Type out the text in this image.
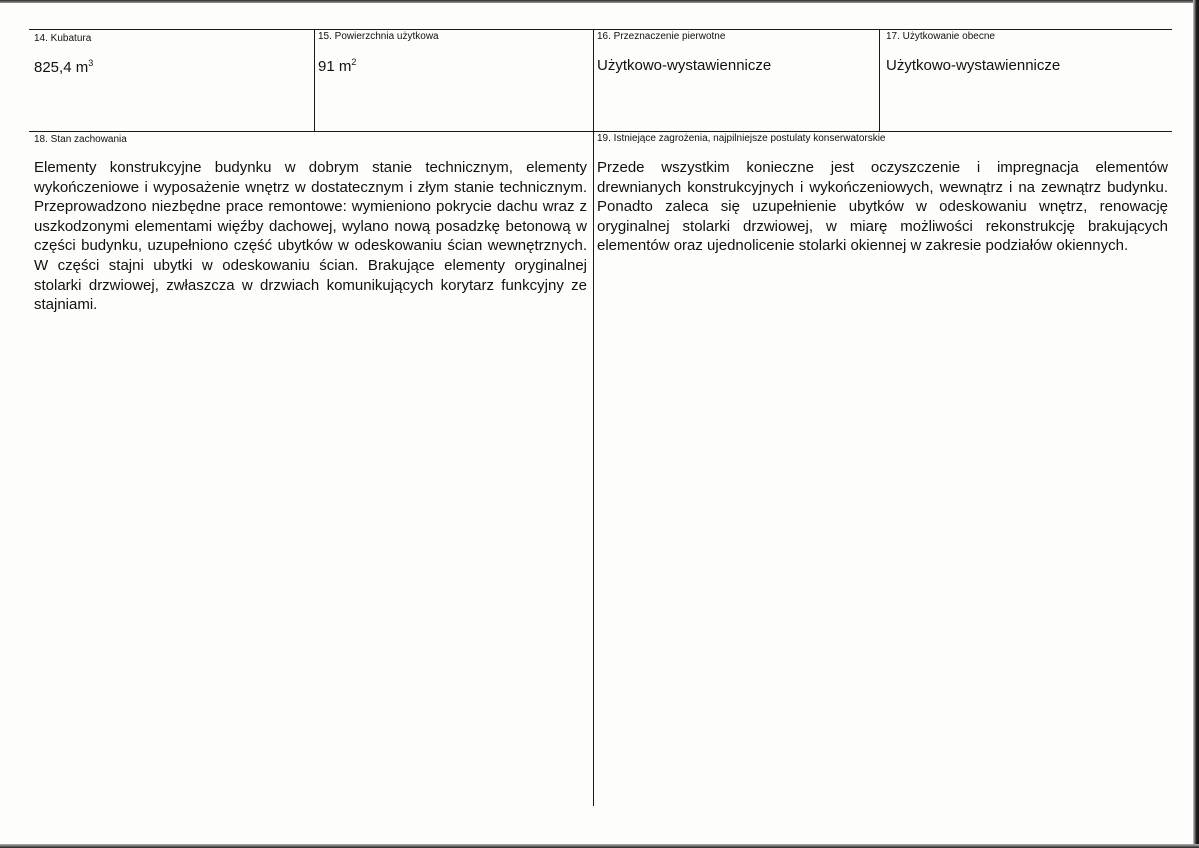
14. Kubatura
825,4 $m^3$
15. Powierzchnia użytkowa
91 $m^2$
16. Przeznaczenie pierwotne
Użytkowo-wystawiennicze
17. Użytkowanie obecne
Użytkowo-wystawiennicze
18. Stan zachowania
Elementy konstrukcyjne budynku w dobrym stanie technicznym, elementy wykończeniowe i wyposażenie wnętrz w dostatecznym i złym stanie technicznym. Przeprowadzono niezbędne prace remontowe: wymieniono pokrycie dachu wraz z uszkodzonymi elementami więźby dachowej, wylano nową posadzkę betonową w części budynku, uzupełniono część ubytków w odeskowaniu ścian wewnętrznych. W części stajni ubytki w odeskowaniu ścian. Brakujące elementy oryginalnej stolarki drzwiowej, zwłaszcza w drzwiach komunikujących korytarz funkcyjny ze stajniami.
19. Istniejące zagrożenia, najpilniejsze postulaty konserwatorskie
Przede wszystkim konieczne jest oczyszczenie i impregnacja elementów drewnianych konstrukcyjnych i wykończeniowych, wewnątrz i na zewnątrz budynku. Ponadto zaleca się uzupełnienie ubytków w odeskowaniu wnętrz, renowację oryginalnej stolarki drzwiowej, w miarę możliwości rekonstrukcję brakujących elementów oraz ujednolicenie stolarki okiennej w zakresie podziałów okiennych.
